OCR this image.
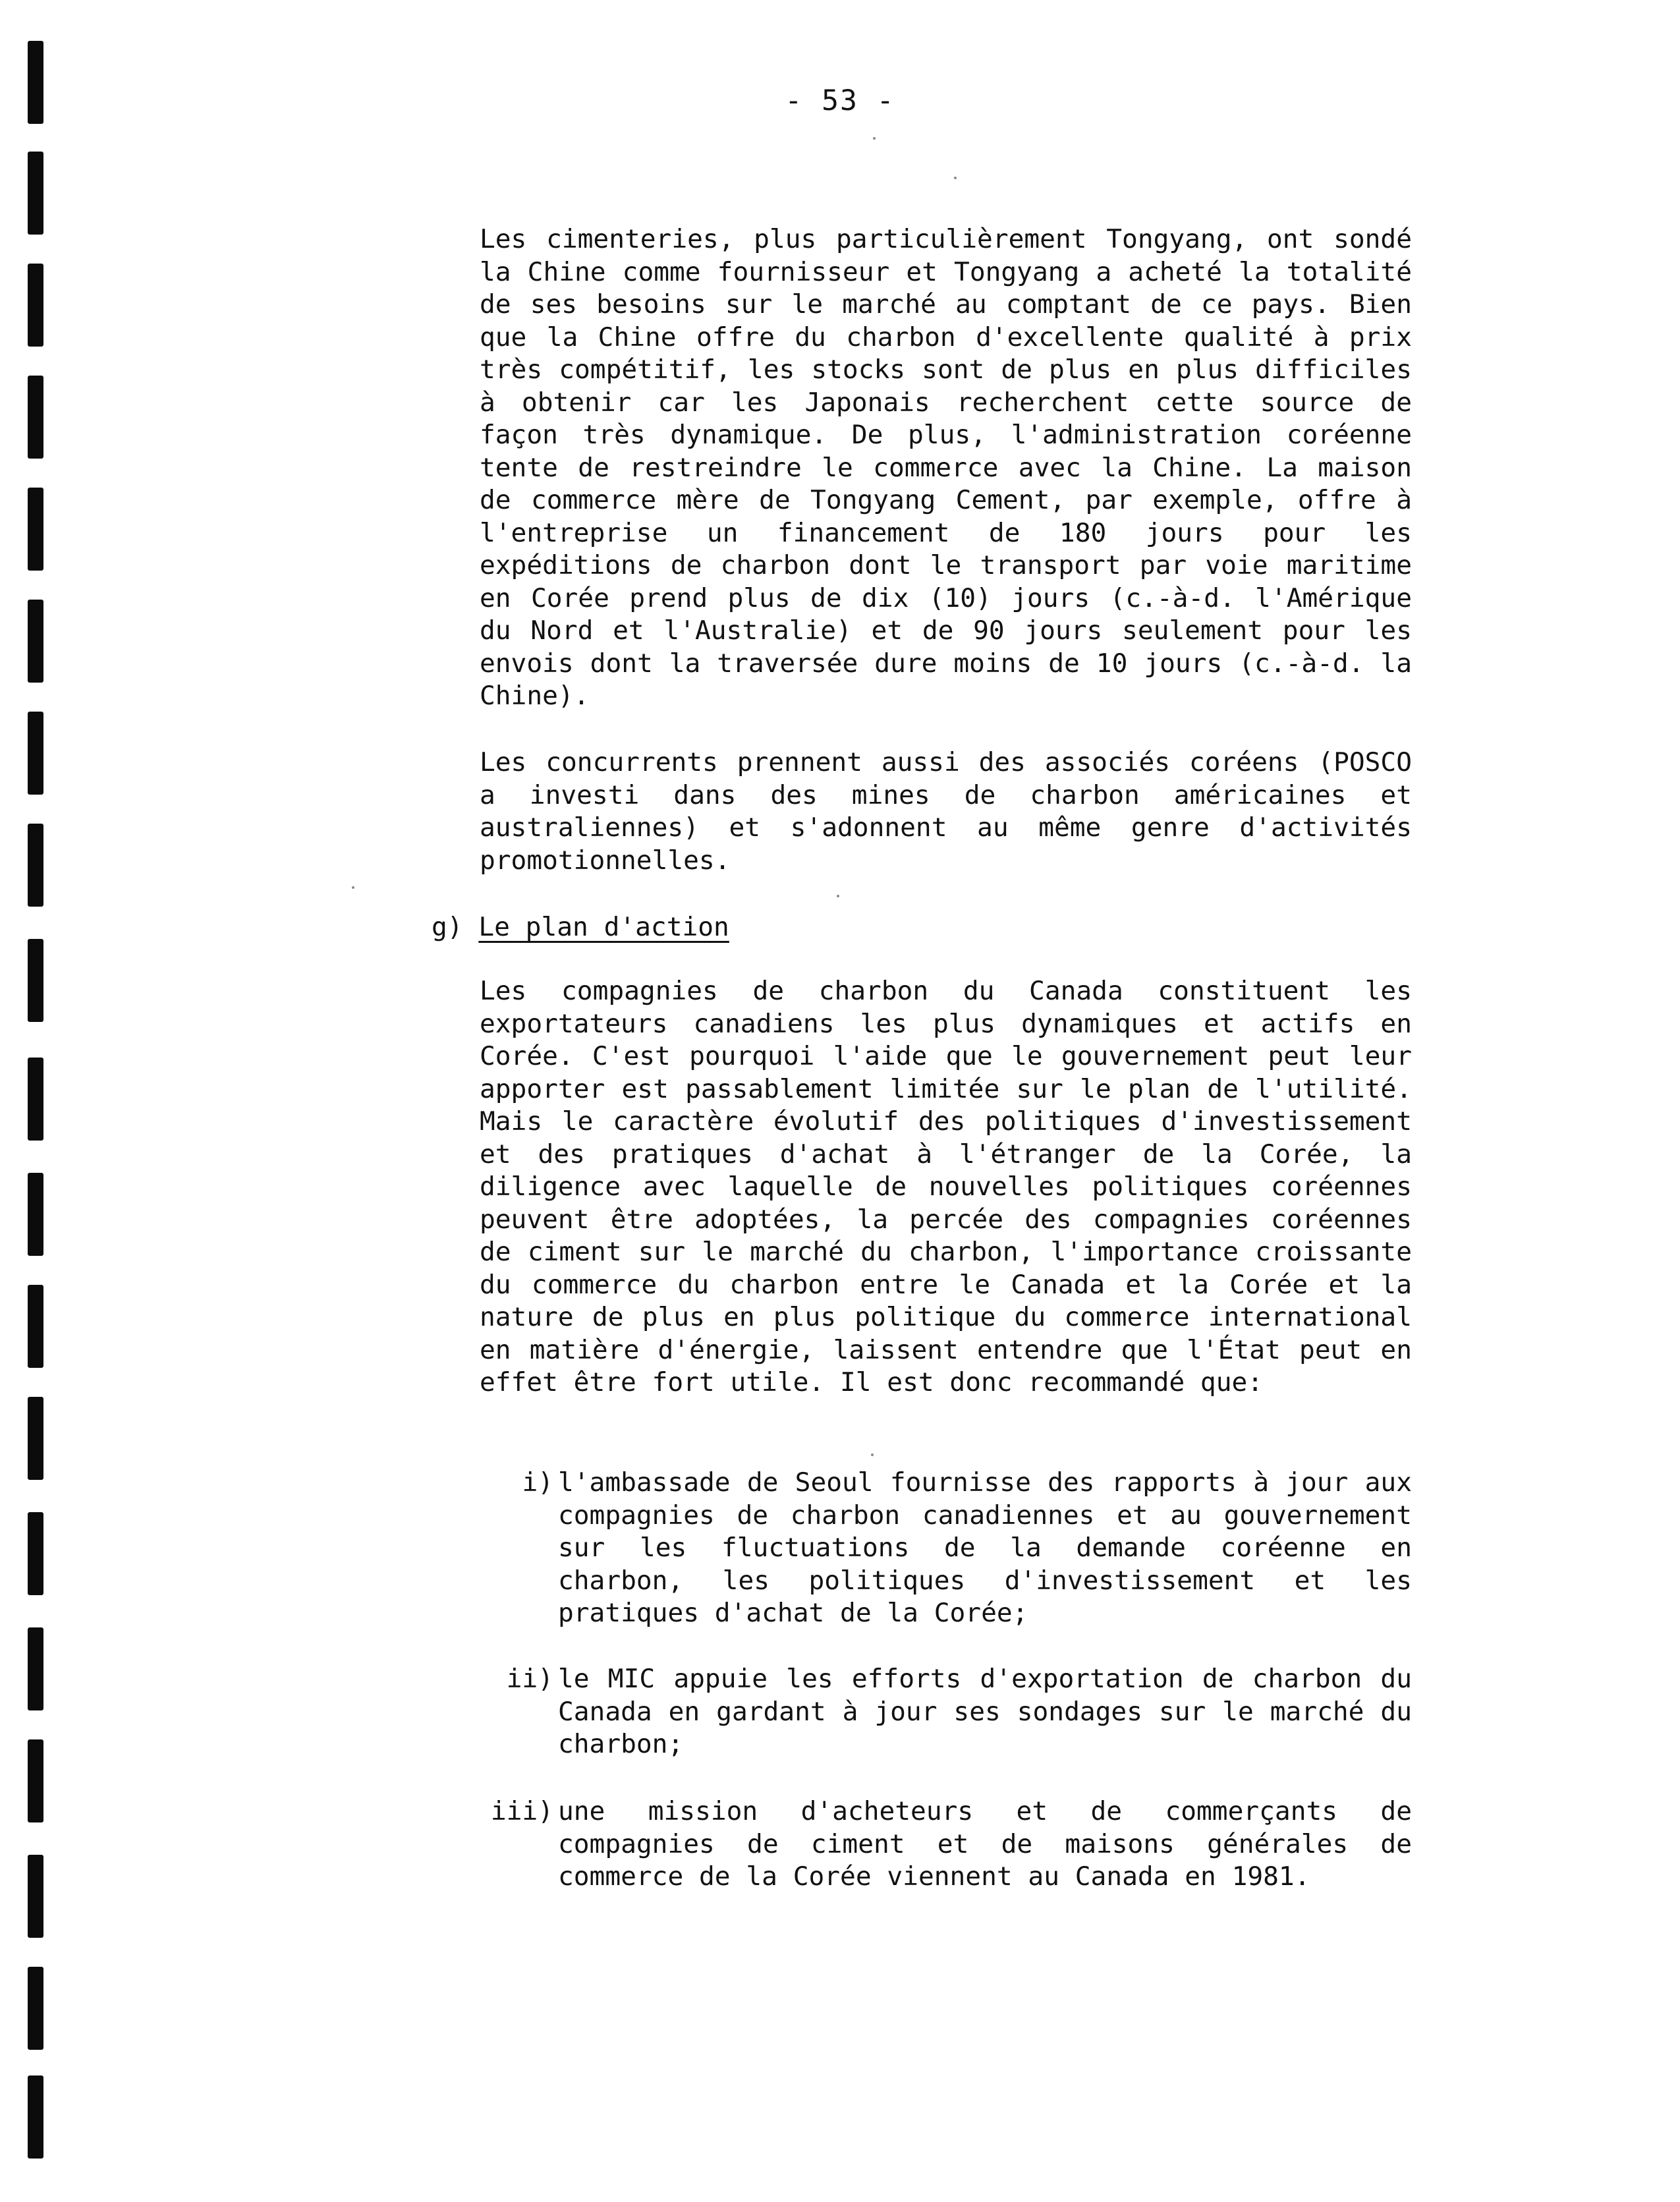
- 53 -

Les cimenteries, plus particulièrement Tongyang, ont sondé la Chine comme fournisseur et Tongyang a acheté la totalité de ses besoins sur le marché au comptant de ce pays. Bien que la Chine offre du charbon d'excellente qualité à prix très compétitif, les stocks sont de plus en plus difficiles à obtenir car les Japonais recherchent cette source de façon très dynamique. De plus, l'administration coréenne tente de restreindre le commerce avec la Chine. La maison de commerce mère de Tongyang Cement, par exemple, offre à l'entreprise un financement de 180 jours pour les expéditions de charbon dont le transport par voie maritime en Corée prend plus de dix (10) jours (c.-à-d. l'Amérique du Nord et l'Australie) et de 90 jours seulement pour les envois dont la traversée dure moins de 10 jours (c.-à-d. la Chine).

Les concurrents prennent aussi des associés coréens (POSCO a investi dans des mines de charbon américaines et australiennes) et s'adonnent au même genre d'activités promotionnelles.

g) Le plan d'action

Les compagnies de charbon du Canada constituent les exportateurs canadiens les plus dynamiques et actifs en Corée. C'est pourquoi l'aide que le gouvernement peut leur apporter est passablement limitée sur le plan de l'utilité. Mais le caractère évolutif des politiques d'investissement et des pratiques d'achat à l'étranger de la Corée, la diligence avec laquelle de nouvelles politiques coréennes peuvent être adoptées, la percée des compagnies coréennes de ciment sur le marché du charbon, l'importance croissante du commerce du charbon entre le Canada et la Corée et la nature de plus en plus politique du commerce international en matière d'énergie, laissent entendre que l'État peut en effet être fort utile. Il est donc recommandé que:

i) l'ambassade de Seoul fournisse des rapports à jour aux compagnies de charbon canadiennes et au gouvernement sur les fluctuations de la demande coréenne en charbon, les politiques d'investissement et les pratiques d'achat de la Corée;
ii) le MIC appuie les efforts d'exportation de charbon du Canada en gardant à jour ses sondages sur le marché du charbon;
iii) une mission d'acheteurs et de commerçants de compagnies de ciment et de maisons générales de commerce de la Corée viennent au Canada en 1981.
